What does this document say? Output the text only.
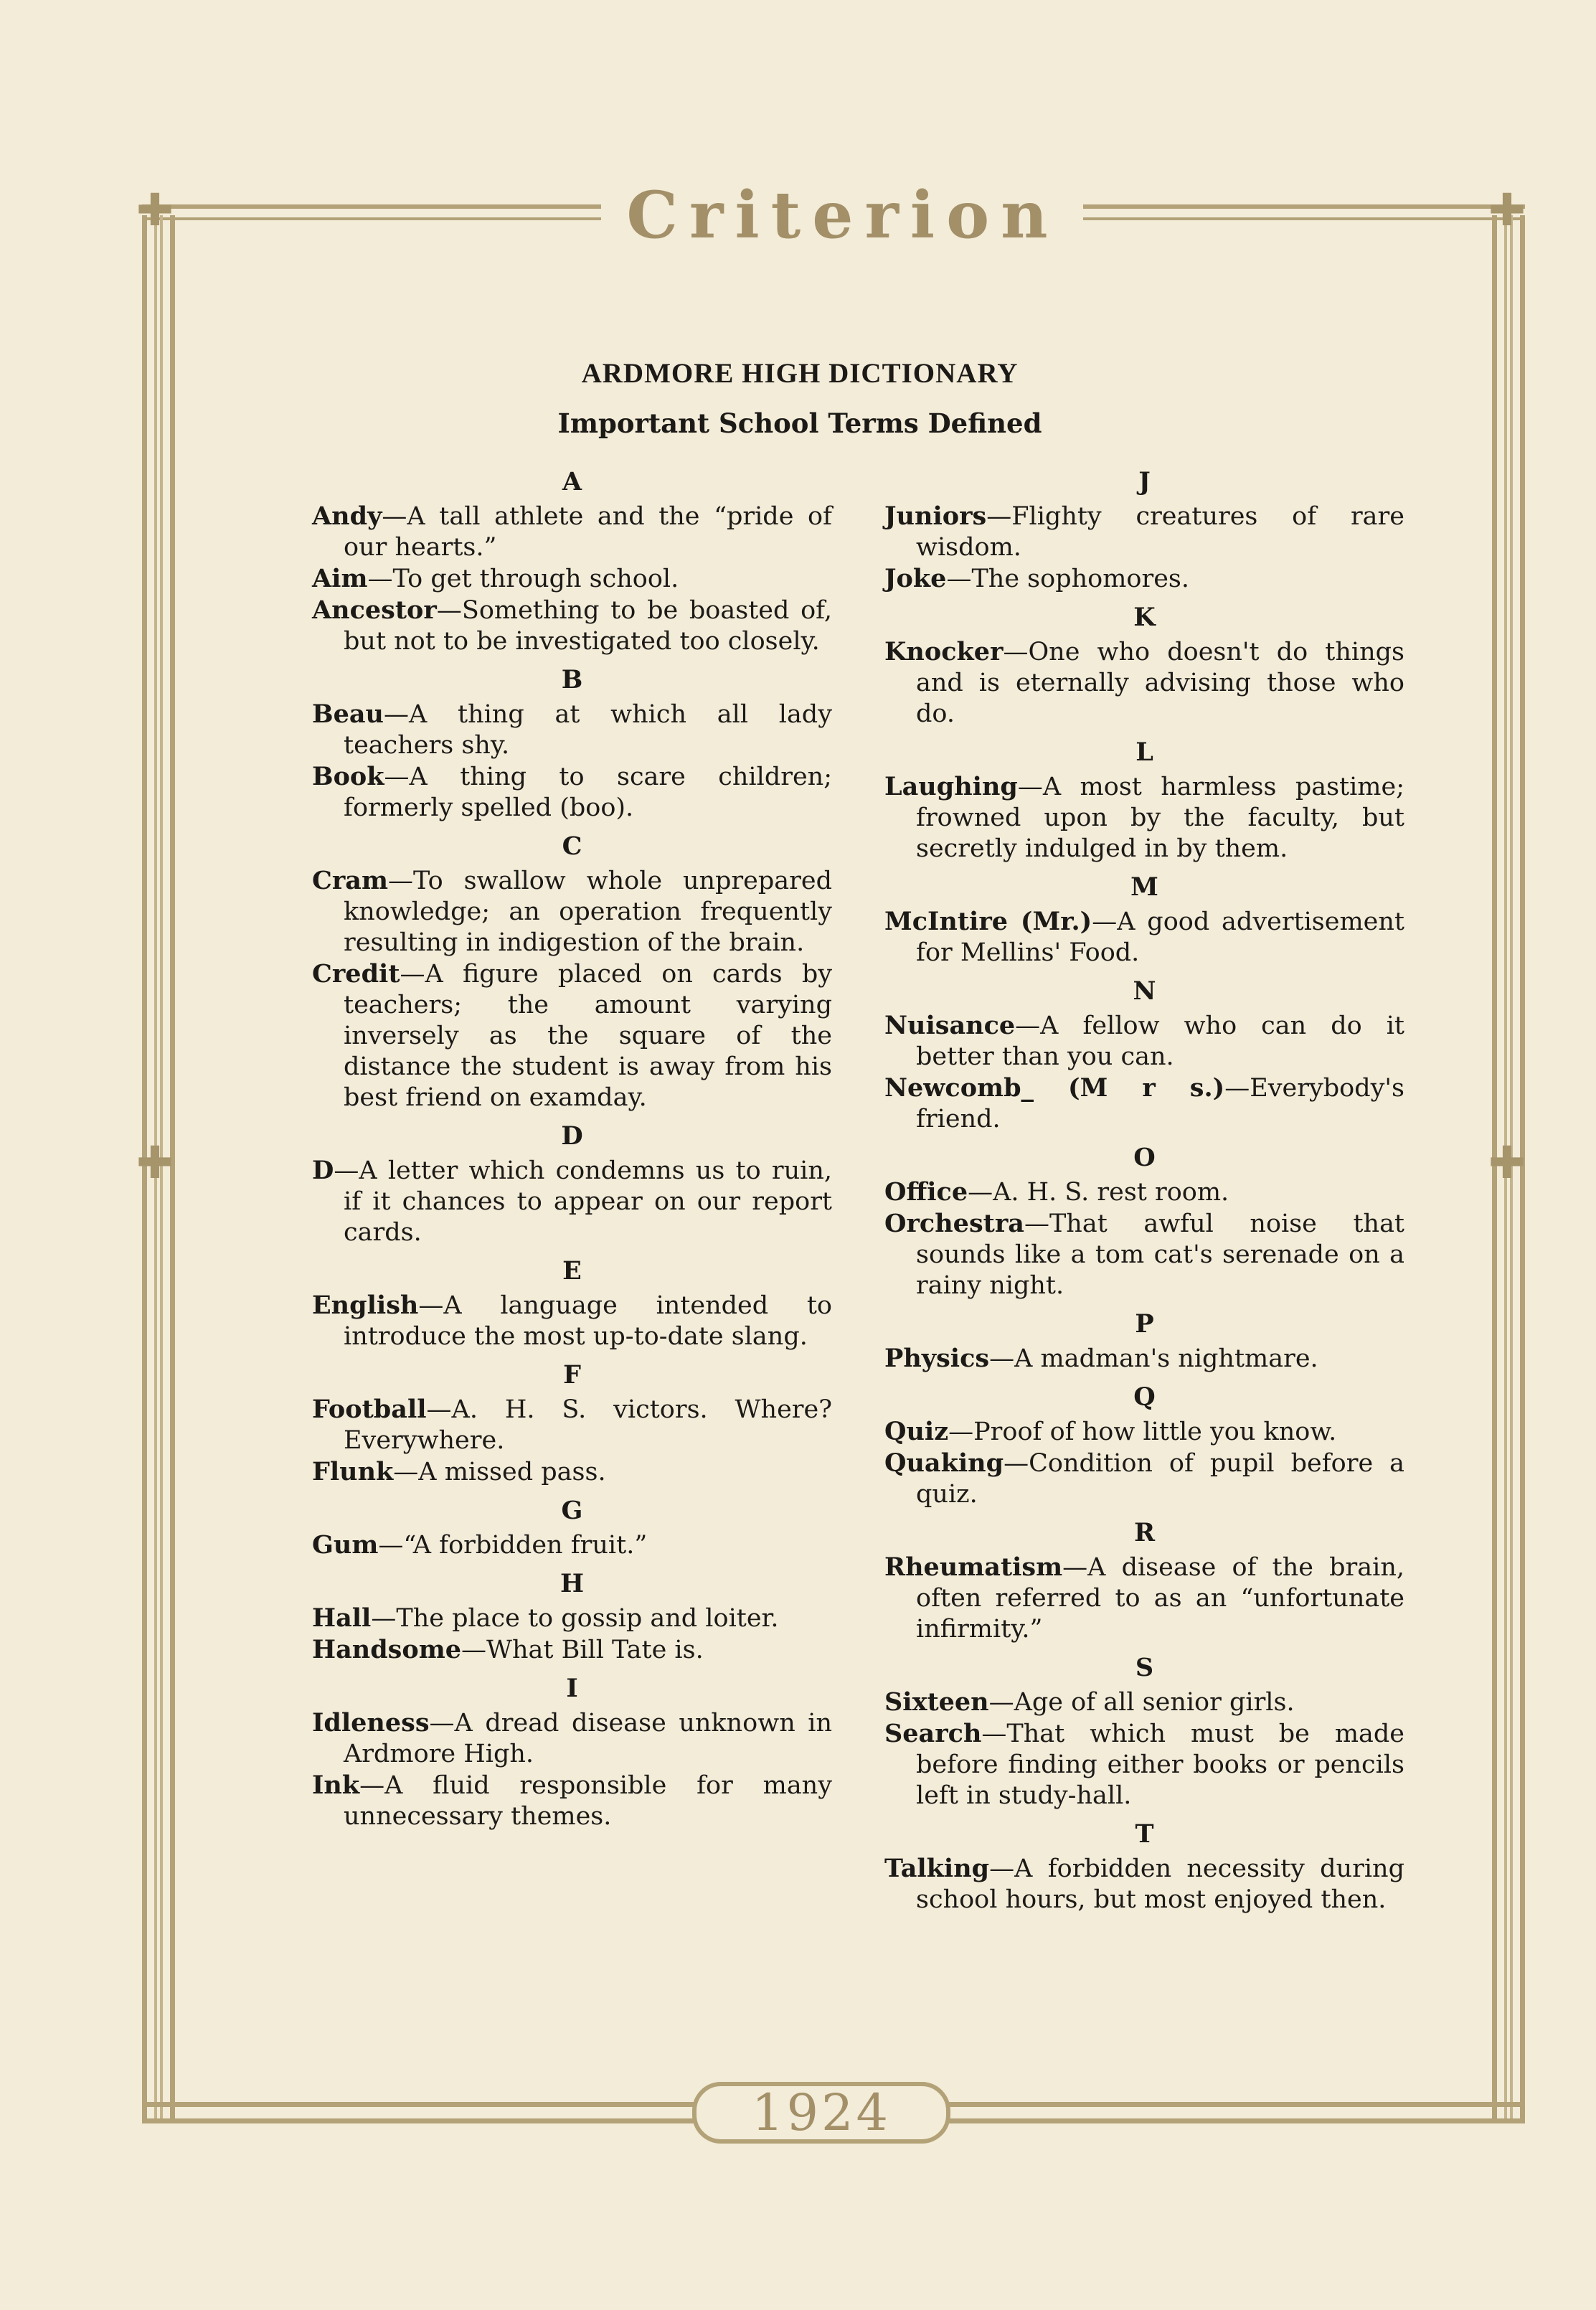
✚	✚
✚	✚
Criterion
1924
ARDMORE HIGH DICTIONARY
Important School Terms Defined
A

Andy—A tall athlete and the “pride of our hearts.”

Aim—To get through school.

Ancestor—Something to be boasted of, but not to be investigated too closely.

B

Beau—A thing at which all lady teachers shy.

Book—A thing to scare children; formerly spelled (boo).

C

Cram—To swallow whole unprepared knowledge; an operation frequently resulting in indigestion of the brain.

Credit—A figure placed on cards by teachers; the amount varying inversely as the square of the distance the student is away from his best friend on examday.

D

D—A letter which condemns us to ruin, if it chances to appear on our report cards.

E

English—A language intended to introduce the most up-to-date slang.

F

Football—A. H. S. victors. Where? Everywhere.

Flunk—A missed pass.

G

Gum—“A forbidden fruit.”

H

Hall—The place to gossip and loiter.

Handsome—What Bill Tate is.

I

Idleness—A dread disease unknown in Ardmore High.

Ink—A fluid responsible for many unnecessary themes.

J

Juniors—Flighty creatures of rare wisdom.

Joke—The sophomores.

K

Knocker—One who doesn't do things and is eternally advising those who do.

L

Laughing—A most harmless pastime; frowned upon by the faculty, but secretly indulged in by them.

M

McIntire (Mr.)—A good advertisement for Mellins' Food.

N

Nuisance—A fellow who can do it better than you can.

Newcomb_ (M r s.)—Everybody's friend.

O

Office—A. H. S. rest room.

Orchestra—That awful noise that sounds like a tom cat's serenade on a rainy night.

P

Physics—A madman's nightmare.

Q

Quiz—Proof of how little you know.

Quaking—Condition of pupil before a quiz.

R

Rheumatism—A disease of the brain, often referred to as an “unfortunate infirmity.”

S

Sixteen—Age of all senior girls.

Search—That which must be made before finding either books or pencils left in study-hall.

T

Talking—A forbidden necessity during school hours, but most enjoyed then.
